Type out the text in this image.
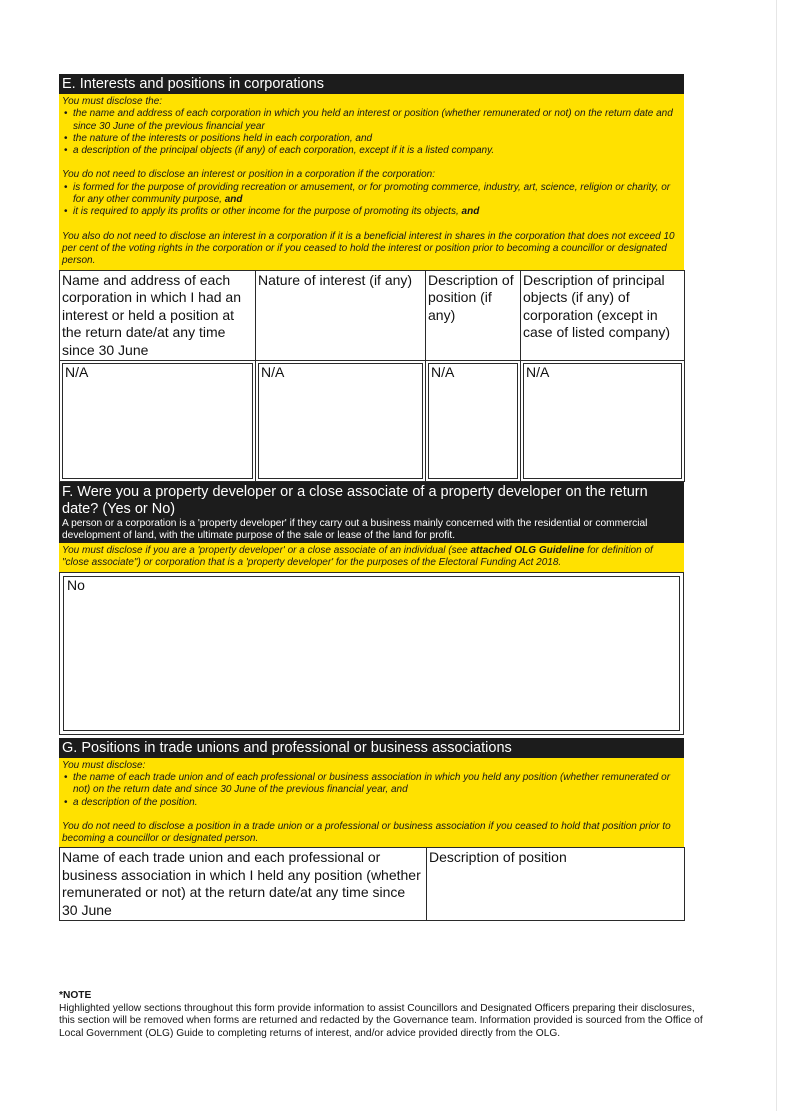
E. Interests and positions in corporations

You must disclose the:

• the name and address of each corporation in which you held an interest or position (whether remunerated or not) on the return date and since 30 June of the previous financial year
• the nature of the interests or positions held in each corporation, and
• a description of the principal objects (if any) of each corporation, except if it is a listed company.

You do not need to disclose an interest or position in a corporation if the corporation:

• is formed for the purpose of providing recreation or amusement, or for promoting commerce, industry, art, science, religion or charity, or for any other community purpose, and
• it is required to apply its profits or other income for the purpose of promoting its objects, and

You also do not need to disclose an interest in a corporation if it is a beneficial interest in shares in the corporation that does not exceed 10 per cent of the voting rights in the corporation or if you ceased to hold the interest or position prior to becoming a councillor or designated person.

Name and address of each corporation in which I had an interest or held a position at the return date/at any time since 30 June	Nature of interest (if any)	Description of position (if any)	Description of principal objects (if any) of corporation (except in case of listed company)

N/A	N/A	N/A	N/A
F. Were you a property developer or a close associate of a property developer on the return date? (Yes or No)
A person or a corporation is a 'property developer' if they carry out a business mainly concerned with the residential or commercial development of land, with the ultimate purpose of the sale or lease of the land for profit.

You must disclose if you are a 'property developer' or a close associate of an individual (see attached OLG Guideline for definition of "close associate") or corporation that is a 'property developer' for the purposes of the Electoral Funding Act 2018.

No
G. Positions in trade unions and professional or business associations

You must disclose:

• the name of each trade union and of each professional or business association in which you held any position (whether remunerated or not) on the return date and since 30 June of the previous financial year, and
• a description of the position.

You do not need to disclose a position in a trade union or a professional or business association if you ceased to hold that position prior to becoming a councillor or designated person.

Name of each trade union and each professional or business association in which I held any position (whether remunerated or not) at the return date/at any time since 30 June	Description of position
*NOTE
Highlighted yellow sections throughout this form provide information to assist Councillors and Designated Officers preparing their disclosures, this section will be removed when forms are returned and redacted by the Governance team. Information provided is sourced from the Office of Local Government (OLG) Guide to completing returns of interest, and/or advice provided directly from the OLG.
